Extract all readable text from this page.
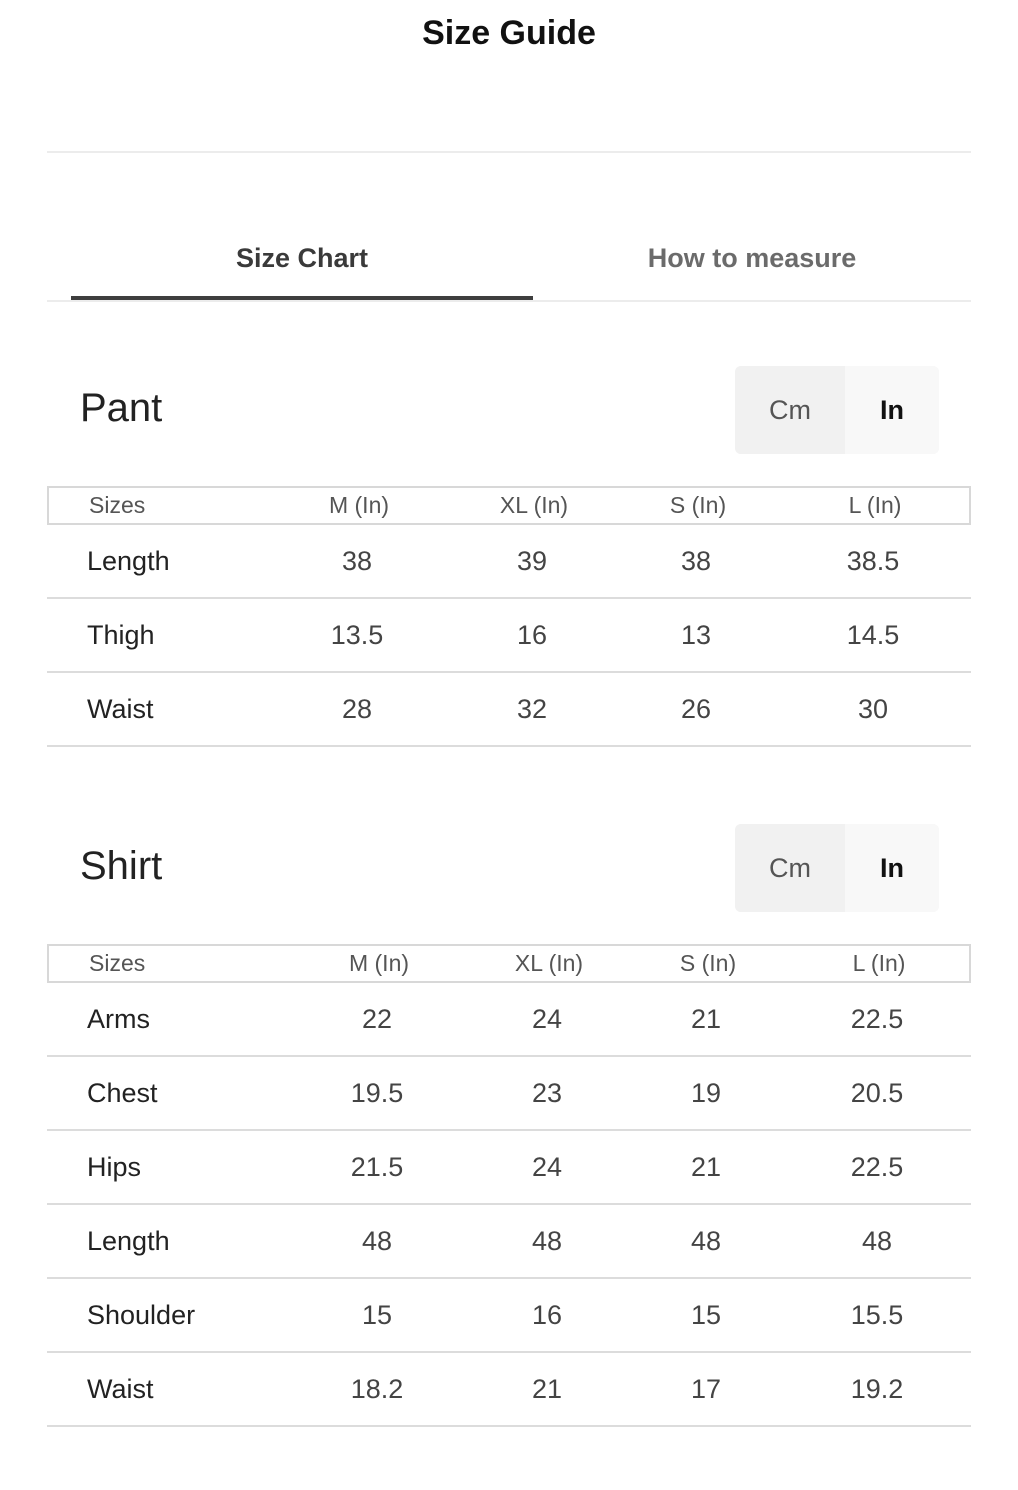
Size Guide
Size Chart	How to measure
Pant	Cm	In
Sizes	M (In)	XL (In)	S (In)	L (In)
Length	38	39	38	38.5
Thigh	13.5	16	13	14.5
Waist	28	32	26	30
Shirt	Cm	In
Sizes	M (In)	XL (In)	S (In)	L (In)
Arms	22	24	21	22.5
Chest	19.5	23	19	20.5
Hips	21.5	24	21	22.5
Length	48	48	48	48
Shoulder	15	16	15	15.5
Waist	18.2	21	17	19.2
